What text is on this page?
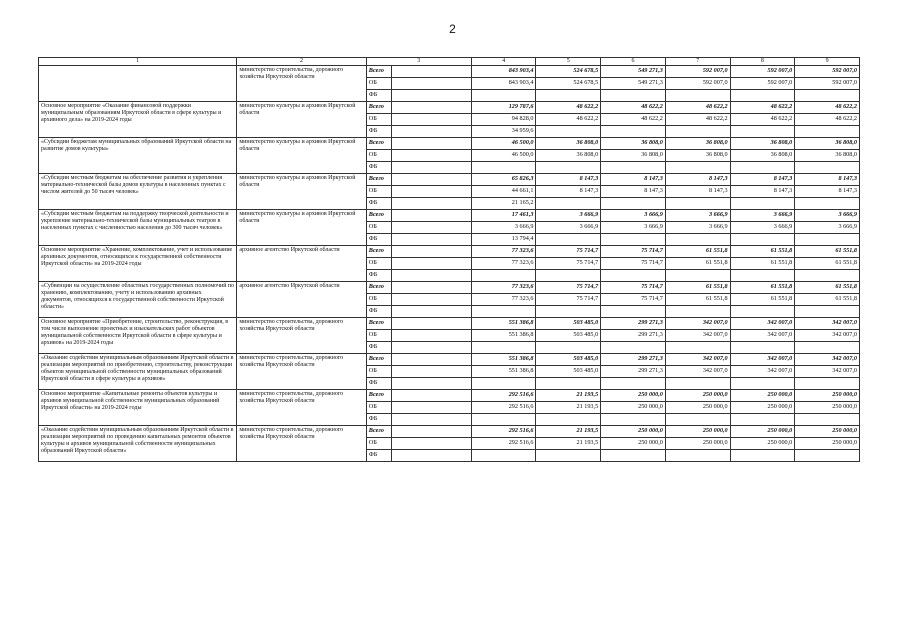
2
1	2	3		4	5	6	7	8	9
	министерство строительства, дорожного хозяйства Иркутской области	Всего		843 903,4	524 678,5	549 271,3	592 007,0	592 007,0	592 007,0
		ОБ		843 903,4	524 678,5	549 271,3	592 007,0	592 007,0	592 007,0
		ФБ							
Основное мероприятие «Оказание финансовой поддержки муниципальным образованиям Иркутской области в сфере культуры и архивного дела» на 2019-2024 годы	министерство культуры и архивов Иркутской области	Всего		129 787,6	48 622,2	48 622,2	48 622,2	48 622,2	48 622,2
		ОБ		94 828,0	48 622,2	48 622,2	48 622,2	48 622,2	48 622,2
		ФБ		34 959,6					
«Субсидии бюджетам муниципальных образований Иркутской области на развитие домов культуры»	министерство культуры и архивов Иркутской области	Всего		46 500,0	36 808,0	36 808,0	36 808,0	36 808,0	36 808,0
		ОБ		46 500,0	36 808,0	36 808,0	36 808,0	36 808,0	36 808,0
		ФБ							
«Субсидии местным бюджетам на обеспечение развития и укрепления материально-технической базы домов культуры в населенных пунктах с числом жителей до 50 тысяч человек»	министерство культуры и архивов Иркутской области	Всего		65 826,3	8 147,3	8 147,3	8 147,3	8 147,3	8 147,3
		ОБ		44 661,1	8 147,3	8 147,3	8 147,3	8 147,3	8 147,3
		ФБ		21 165,2					
«Субсидии местным бюджетам на поддержку творческой деятельности и укрепление материально-технической базы муниципальных театров в населенных пунктах с численностью населения до 300 тысяч человек»	министерство культуры и архивов Иркутской области	Всего		17 461,3	3 666,9	3 666,9	3 666,9	3 666,9	3 666,9
		ОБ		3 666,9	3 666,9	3 666,9	3 666,9	3 666,9	3 666,9
		ФБ		13 794,4					
Основное мероприятие «Хранение, комплектование, учет и использование архивных документов, относящихся к государственной собственности Иркутской области» на 2019-2024 годы	архивное агентство Иркутской области	Всего		77 323,6	75 714,7	75 714,7	61 551,8	61 551,8	61 551,8
		ОБ		77 323,6	75 714,7	75 714,7	61 551,8	61 551,8	61 551,8
		ФБ							
«Субвенции на осуществление областных государственных полномочий по хранению, комплектованию, учету и использованию архивных документов, относящихся к государственной собственности Иркутской области»	архивное агентство Иркутской области	Всего		77 323,6	75 714,7	75 714,7	61 551,8	61 551,8	61 551,8
		ОБ		77 323,6	75 714,7	75 714,7	61 551,8	61 551,8	61 551,8
		ФБ							
Основное мероприятие «Приобретение, строительство, реконструкция, в том числе выполнение проектных и изыскательских работ объектов муниципальной собственности Иркутской области в сфере культуры и архивов» на 2019-2024 годы	министерство строительства, дорожного хозяйства Иркутской области	Всего		551 386,8	503 485,0	299 271,3	342 007,0	342 007,0	342 007,0
		ОБ		551 386,8	503 485,0	299 271,3	342 007,0	342 007,0	342 007,0
		ФБ							
«Оказание содействия муниципальным образованиям Иркутской области в реализации мероприятий по приобретению, строительству, реконструкции объектов муниципальной собственности муниципальных образований Иркутской области в сфере культуры и архивов»	министерство строительства, дорожного хозяйства Иркутской области	Всего		551 386,8	503 485,0	299 271,3	342 007,0	342 007,0	342 007,0
		ОБ		551 386,8	503 485,0	299 271,3	342 007,0	342 007,0	342 007,0
		ФБ							
Основное мероприятие «Капитальные ремонты объектов культуры и архивов муниципальной собственности муниципальных образований Иркутской области» на 2019-2024 годы	министерство строительства, дорожного хозяйства Иркутской области	Всего		292 516,6	21 193,5	250 000,0	250 000,0	250 000,0	250 000,0
		ОБ		292 516,6	21 193,5	250 000,0	250 000,0	250 000,0	250 000,0
		ФБ							
«Оказание содействия муниципальным образованиям Иркутской области в реализации мероприятий по проведению капитальных ремонтов объектов культуры и архивов муниципальной собственности муниципальных образований Иркутской области»	министерство строительства, дорожного хозяйства Иркутской области	Всего		292 516,6	21 193,5	250 000,0	250 000,0	250 000,0	250 000,0
		ОБ		292 516,6	21 193,5	250 000,0	250 000,0	250 000,0	250 000,0
		ФБ							
